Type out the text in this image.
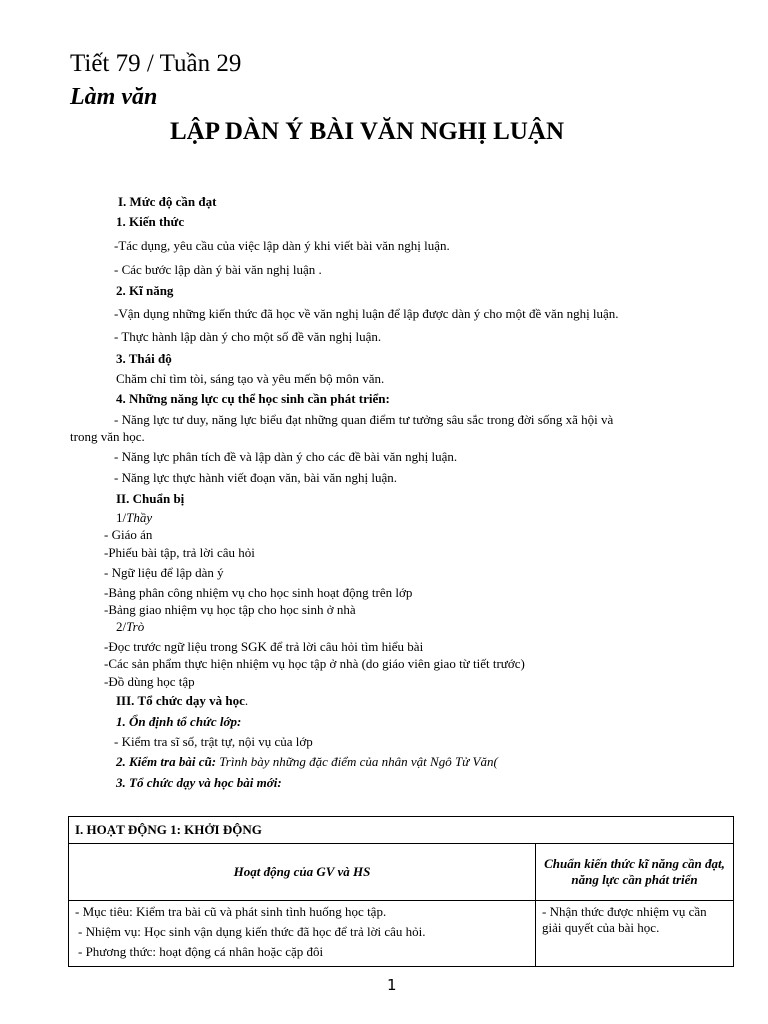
Tiết 79 / Tuần 29
Làm văn
LẬP DÀN Ý BÀI VĂN NGHỊ LUẬN
I. Mức độ cần đạt
1. Kiến thức
-Tác dụng, yêu cầu của việc lập dàn ý khi viết bài văn nghị luận.
- Các bước lập dàn ý bài văn nghị luận .
2. Kĩ năng
-Vận dụng những kiến thức đã học về văn nghị luận để lập được dàn ý cho một đề văn nghị luận.
- Thực hành lập dàn ý cho một số đề văn nghị luận.
3. Thái độ
Chăm chỉ tìm tòi, sáng tạo và yêu mến bộ môn văn.
4. Những năng lực cụ thể học sinh cần phát triển:
- Năng lực tư duy, năng lực biểu đạt những quan điểm tư tưởng sâu sắc trong đời sống xã hội và
trong văn học.
- Năng lực phân tích đề và lập dàn ý cho các đề bài văn nghị luận.
- Năng lực thực hành viết đoạn văn, bài văn nghị luận.
II. Chuẩn bị
1/Thầy
- Giáo án
-Phiếu bài tập, trả lời câu hỏi
- Ngữ liệu để lập dàn ý
-Bảng phân công nhiệm vụ cho học sinh hoạt động trên lớp
-Bảng giao nhiệm vụ học tập cho học sinh ở nhà
2/Trò
-Đọc trước ngữ liệu trong SGK để trả lời câu hỏi tìm hiểu bài
-Các sản phẩm thực hiện nhiệm vụ học tập ở nhà (do giáo viên giao từ tiết trước)
-Đồ dùng học tập
III. Tổ chức dạy và học.
1. Ổn định tổ chức lớp:
- Kiểm tra sĩ số, trật tự, nội vụ của lớp
2. Kiểm tra bài cũ: Trình bày những đặc điểm của nhân vật Ngô Tử Văn(
3. Tổ chức dạy và học bài mới:
I. HOẠT ĐỘNG 1: KHỞI ĐỘNG	
Hoạt động của GV và HS	Chuẩn kiến thức kĩ năng cần đạt, năng lực cần phát triển

- Mục tiêu: Kiểm tra bài cũ và phát sinh tình huống học tập.
- Nhiệm vụ: Học sinh vận dụng kiến thức đã học để trả lời câu hỏi.
- Phương thức: hoạt động cá nhân hoặc cặp đôi	- Nhận thức được nhiệm vụ cần giải quyết của bài học.
1
